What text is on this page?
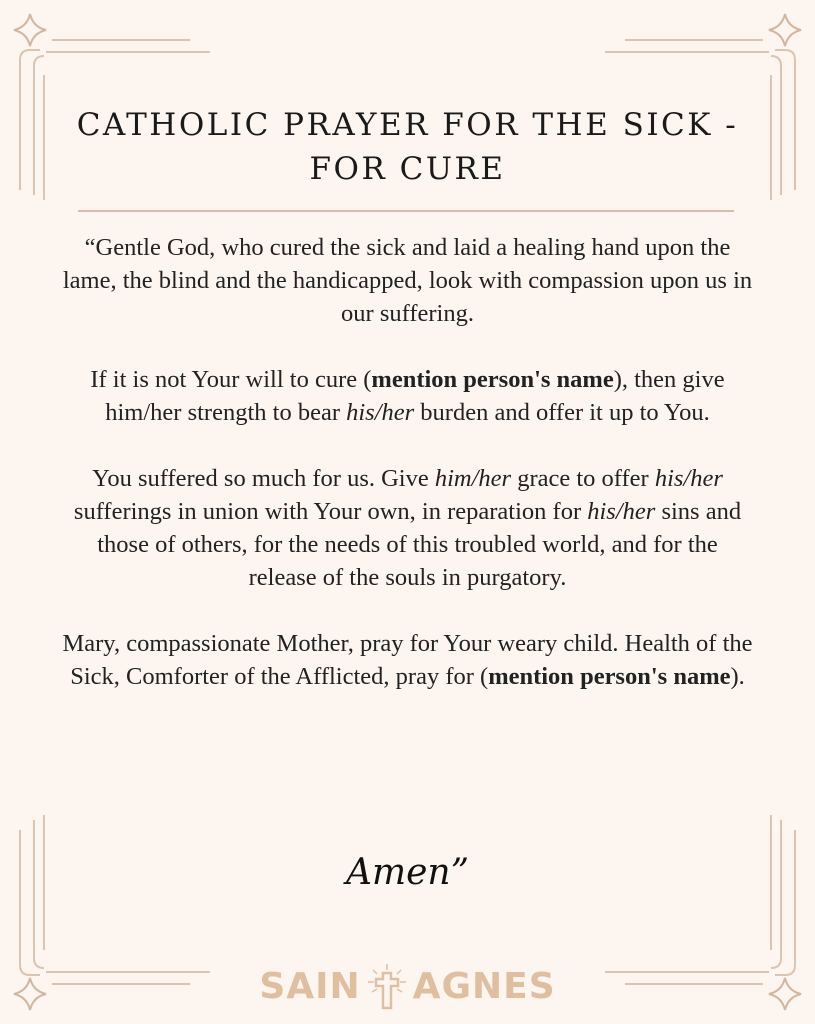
CATHOLIC PRAYER FOR THE SICK -
FOR CURE

“Gentle God, who cured the sick and laid a healing hand upon the lame, the blind and the handicapped, look with compassion upon us in our suffering.

If it is not Your will to cure (mention person's name), then give him/her strength to bear his/her burden and offer it up to You.

You suffered so much for us. Give him/her grace to offer his/her sufferings in union with Your own, in reparation for his/her sins and those of others, for the needs of this troubled world, and for the release of the souls in purgatory.

Mary, compassionate Mother, pray for Your weary child. Health of the Sick, Comforter of the Afflicted, pray for (mention person's name).

Amen”
SAIN AGNES
